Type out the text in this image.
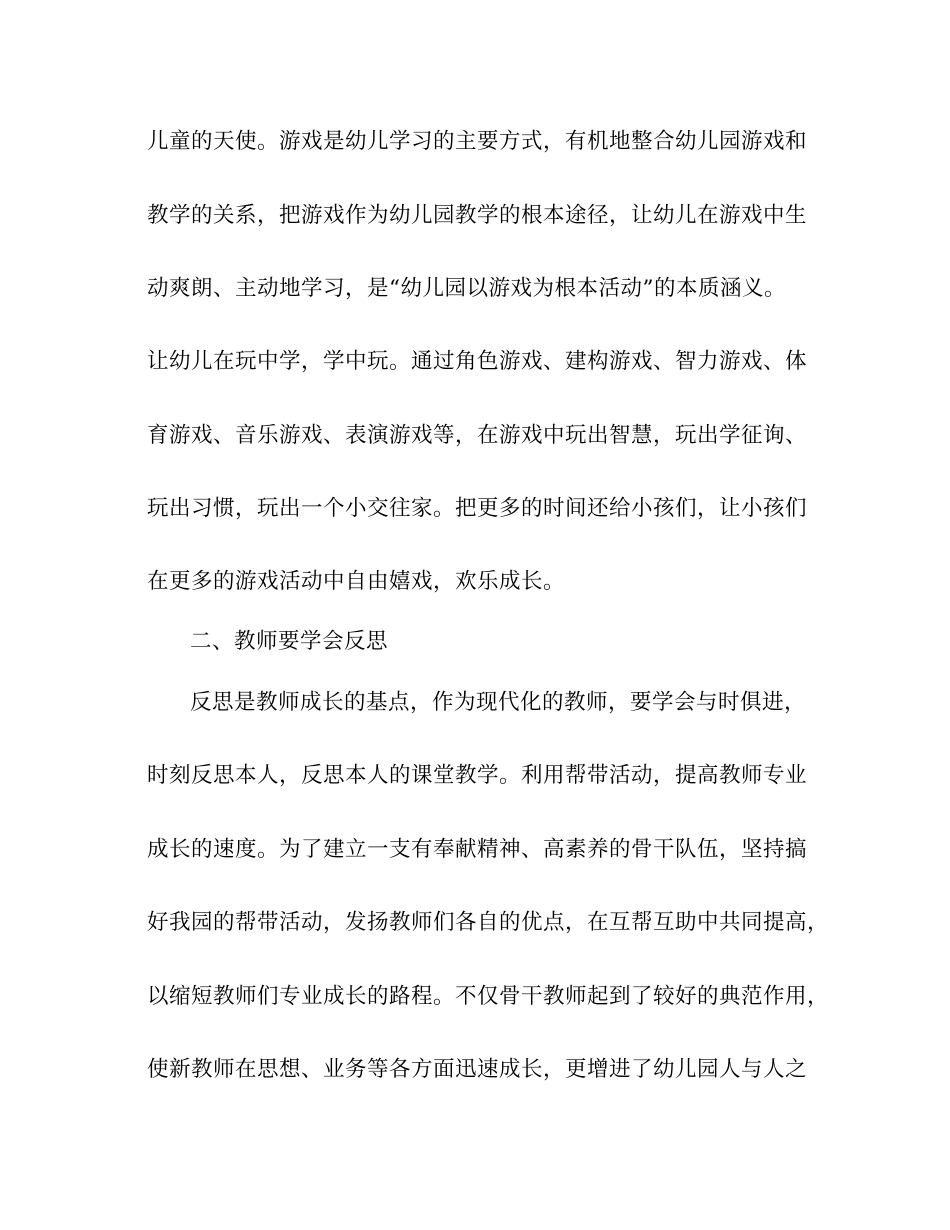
儿童的天使。游戏是幼儿学习的主要方式，有机地整合幼儿园游戏和
教学的关系，把游戏作为幼儿园教学的根本途径，让幼儿在游戏中生
动爽朗、主动地学习，是“幼儿园以游戏为根本活动”的本质涵义。
让幼儿在玩中学，学中玩。通过角色游戏、建构游戏、智力游戏、体
育游戏、音乐游戏、表演游戏等，在游戏中玩出智慧，玩出学征询、
玩出习惯，玩出一个小交往家。把更多的时间还给小孩们，让小孩们
在更多的游戏活动中自由嬉戏，欢乐成长。
二、教师要学会反思
反思是教师成长的基点，作为现代化的教师，要学会与时俱进，
时刻反思本人，反思本人的课堂教学。利用帮带活动，提高教师专业
成长的速度。为了建立一支有奉献精神、高素养的骨干队伍，坚持搞
好我园的帮带活动，发扬教师们各自的优点，在互帮互助中共同提高，
以缩短教师们专业成长的路程。不仅骨干教师起到了较好的典范作用，
使新教师在思想、业务等各方面迅速成长，更增进了幼儿园人与人之
